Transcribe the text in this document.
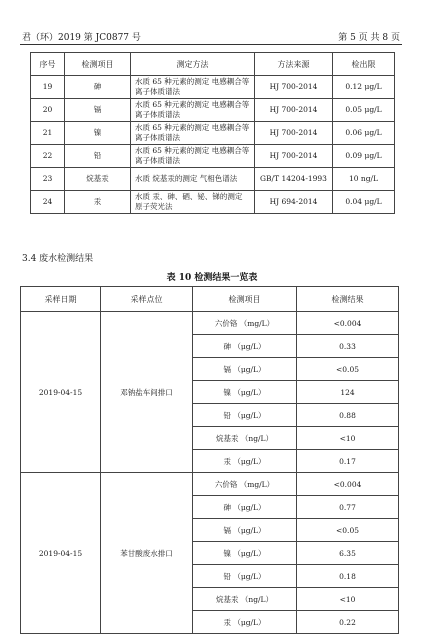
君（环）2019 第 JC0877 号	第 5 页 共 8 页
序号	检测项目	测定方法	方法来源	检出限
19	砷	水质 65 种元素的测定 电感耦合等离子体质谱法	HJ 700-2014	0.12 μg/L
20	镉	水质 65 种元素的测定 电感耦合等离子体质谱法	HJ 700-2014	0.05 μg/L
21	镍	水质 65 种元素的测定 电感耦合等离子体质谱法	HJ 700-2014	0.06 μg/L
22	铅	水质 65 种元素的测定 电感耦合等离子体质谱法	HJ 700-2014	0.09 μg/L
23	烷基汞	水质 烷基汞的测定 气相色谱法	GB/T 14204-1993	10 ng/L
24	汞	水质 汞、砷、硒、铋、锑的测定 原子荧光法	HJ 694-2014	0.04 μg/L
3.4 废水检测结果
表 10 检测结果一览表
采样日期	采样点位	检测项目	检测结果
2019-04-15	邓钠盐车间排口	六价铬 （mg/L）	<0.004
		砷 （μg/L）	0.33
		镉 （μg/L）	<0.05
		镍 （μg/L）	124
		铅 （μg/L）	0.88
		烷基汞 （ng/L）	<10
		汞 （μg/L）	0.17
2019-04-15	苯甘酸废水排口	六价铬 （mg/L）	<0.004
		砷 （μg/L）	0.77
		镉 （μg/L）	<0.05
		镍 （μg/L）	6.35
		铅 （μg/L）	0.18
		烷基汞 （ng/L）	<10
		汞 （μg/L）	0.22
